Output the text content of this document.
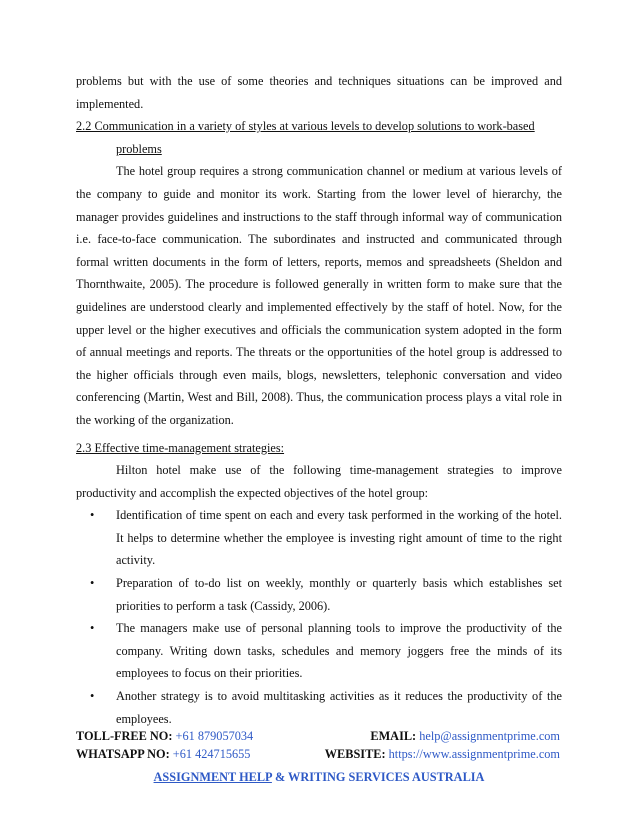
problems but with the use of some theories and techniques situations can be improved and implemented.

2.2 Communication in a variety of styles at various levels to develop solutions to work-based
problems

The hotel group requires a strong communication channel or medium at various levels of the company to guide and monitor its work. Starting from the lower level of hierarchy, the manager provides guidelines and instructions to the staff through informal way of communication i.e. face-to-face communication. The subordinates and instructed and communicated through formal written documents in the form of letters, reports, memos and spreadsheets (Sheldon and Thornthwaite, 2005). The procedure is followed generally in written form to make sure that the guidelines are understood clearly and implemented effectively by the staff of hotel. Now, for the upper level or the higher executives and officials the communication system adopted in the form of annual meetings and reports. The threats or the opportunities of the hotel group is addressed to the higher officials through even mails, blogs, newsletters, telephonic conversation and video conferencing (Martin, West and Bill, 2008). Thus, the communication process plays a vital role in the working of the organization.

2.3 Effective time-management strategies:

Hilton hotel make use of the following time-management strategies to improve productivity and accomplish the expected objectives of the hotel group:

• Identification of time spent on each and every task performed in the working of the hotel. It helps to determine whether the employee is investing right amount of time to the right activity.
• Preparation of to-do list on weekly, monthly or quarterly basis which establishes set priorities to perform a task (Cassidy, 2006).
• The managers make use of personal planning tools to improve the productivity of the company. Writing down tasks, schedules and memory joggers free the minds of its employees to focus on their priorities.
• Another strategy is to avoid multitasking activities as it reduces the productivity of the employees.
TOLL-FREE NO: +61 879057034	EMAIL: help@assignmentprime.com
WHATSAPP NO: +61 424715655	WEBSITE: https://www.assignmentprime.com
ASSIGNMENT HELP & WRITING SERVICES AUSTRALIA
